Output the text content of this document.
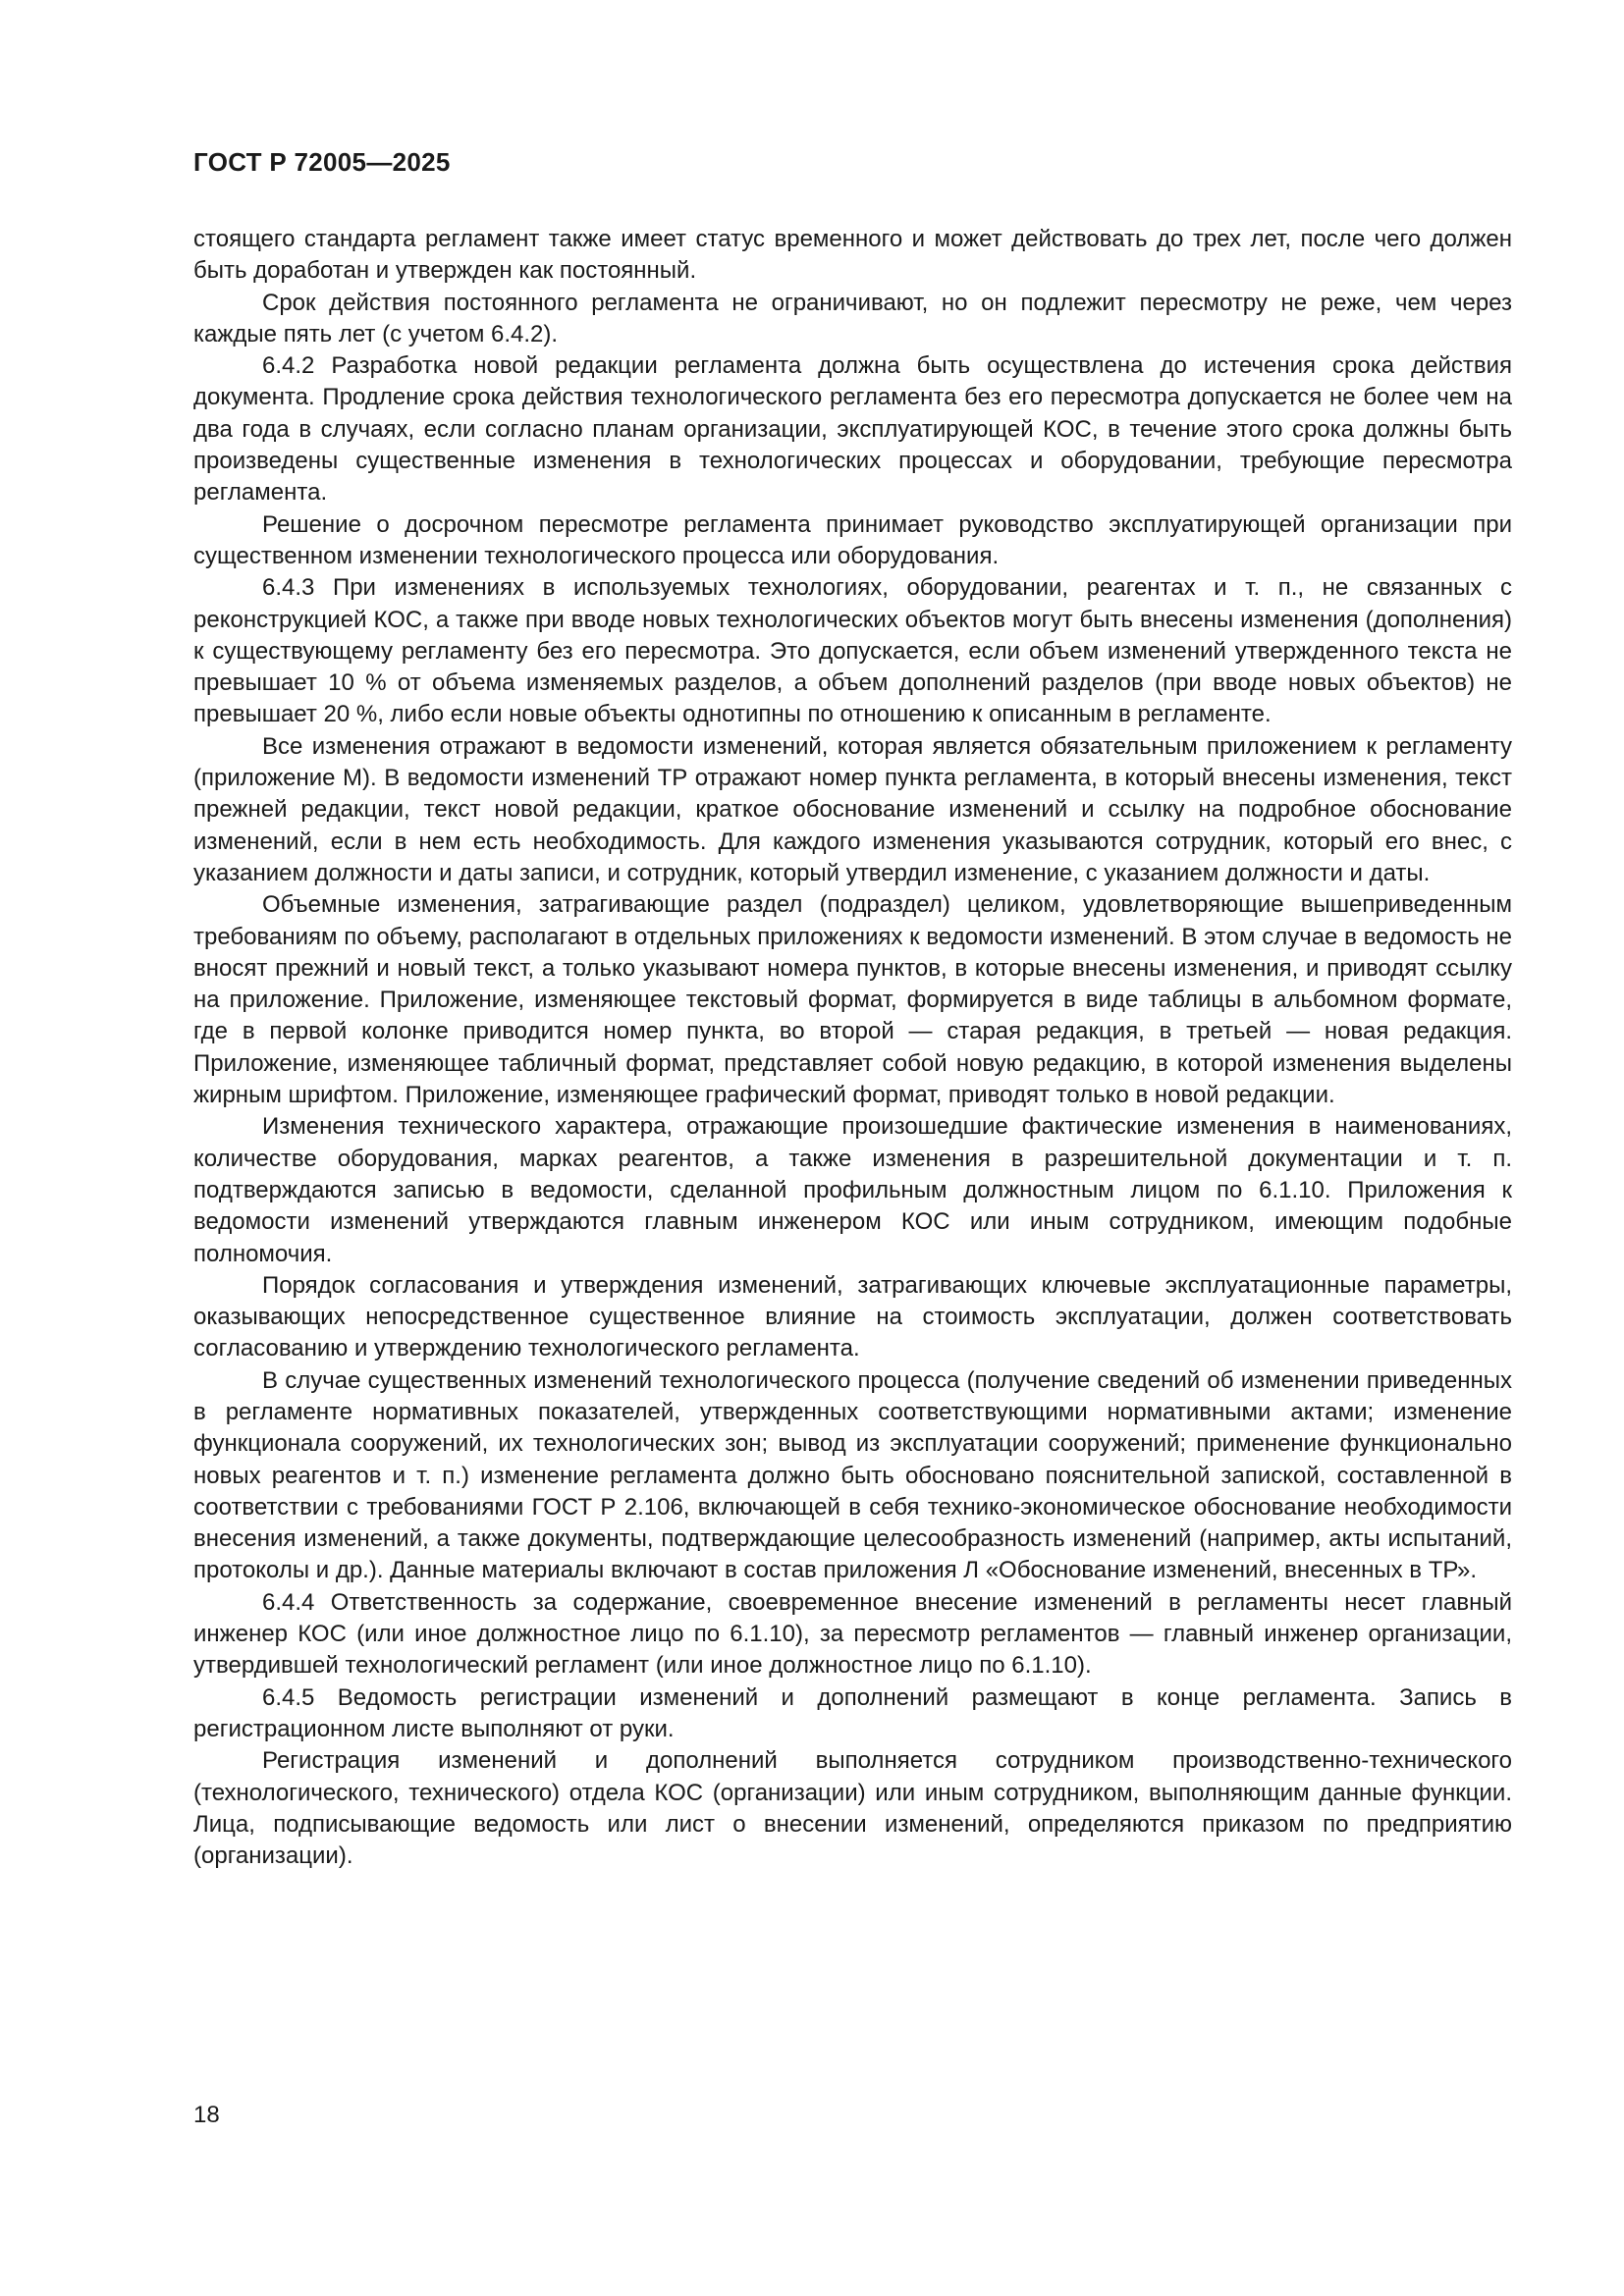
ГОСТ Р 72005—2025

стоящего стандарта регламент также имеет статус временного и может действовать до трех лет, после чего должен быть доработан и утвержден как постоянный.

Срок действия постоянного регламента не ограничивают, но он подлежит пересмотру не реже, чем через каждые пять лет (с учетом 6.4.2).

6.4.2 Разработка новой редакции регламента должна быть осуществлена до истечения срока действия документа. Продление срока действия технологического регламента без его пересмотра допускается не более чем на два года в случаях, если согласно планам организации, эксплуатирующей КОС, в течение этого срока должны быть произведены существенные изменения в технологических процессах и оборудовании, требующие пересмотра регламента.

Решение о досрочном пересмотре регламента принимает руководство эксплуатирующей организации при существенном изменении технологического процесса или оборудования.

6.4.3 При изменениях в используемых технологиях, оборудовании, реагентах и т. п., не связанных с реконструкцией КОС, а также при вводе новых технологических объектов могут быть внесены изменения (дополнения) к существующему регламенту без его пересмотра. Это допускается, если объем изменений утвержденного текста не превышает 10 % от объема изменяемых разделов, а объем дополнений разделов (при вводе новых объектов) не превышает 20 %, либо если новые объекты однотипны по отношению к описанным в регламенте.

Все изменения отражают в ведомости изменений, которая является обязательным приложением к регламенту (приложение М). В ведомости изменений ТР отражают номер пункта регламента, в который внесены изменения, текст прежней редакции, текст новой редакции, краткое обоснование изменений и ссылку на подробное обоснование изменений, если в нем есть необходимость. Для каждого изменения указываются сотрудник, который его внес, с указанием должности и даты записи, и сотрудник, который утвердил изменение, с указанием должности и даты.

Объемные изменения, затрагивающие раздел (подраздел) целиком, удовлетворяющие вышеприведенным требованиям по объему, располагают в отдельных приложениях к ведомости изменений. В этом случае в ведомость не вносят прежний и новый текст, а только указывают номера пунктов, в которые внесены изменения, и приводят ссылку на приложение. Приложение, изменяющее текстовый формат, формируется в виде таблицы в альбомном формате, где в первой колонке приводится номер пункта, во второй — старая редакция, в третьей — новая редакция. Приложение, изменяющее табличный формат, представляет собой новую редакцию, в которой изменения выделены жирным шрифтом. Приложение, изменяющее графический формат, приводят только в новой редакции.

Изменения технического характера, отражающие произошедшие фактические изменения в наименованиях, количестве оборудования, марках реагентов, а также изменения в разрешительной документации и т. п. подтверждаются записью в ведомости, сделанной профильным должностным лицом по 6.1.10. Приложения к ведомости изменений утверждаются главным инженером КОС или иным сотрудником, имеющим подобные полномочия.

Порядок согласования и утверждения изменений, затрагивающих ключевые эксплуатационные параметры, оказывающих непосредственное существенное влияние на стоимость эксплуатации, должен соответствовать согласованию и утверждению технологического регламента.

В случае существенных изменений технологического процесса (получение сведений об изменении приведенных в регламенте нормативных показателей, утвержденных соответствующими нормативными актами; изменение функционала сооружений, их технологических зон; вывод из эксплуатации сооружений; применение функционально новых реагентов и т. п.) изменение регламента должно быть обосновано пояснительной запиской, составленной в соответствии с требованиями ГОСТ Р 2.106, включающей в себя технико-экономическое обоснование необходимости внесения изменений, а также документы, подтверждающие целесообразность изменений (например, акты испытаний, протоколы и др.). Данные материалы включают в состав приложения Л «Обоснование изменений, внесенных в ТР».

6.4.4 Ответственность за содержание, своевременное внесение изменений в регламенты несет главный инженер КОС (или иное должностное лицо по 6.1.10), за пересмотр регламентов — главный инженер организации, утвердившей технологический регламент (или иное должностное лицо по 6.1.10).

6.4.5 Ведомость регистрации изменений и дополнений размещают в конце регламента. Запись в регистрационном листе выполняют от руки.

Регистрация изменений и дополнений выполняется сотрудником производственно-технического (технологического, технического) отдела КОС (организации) или иным сотрудником, выполняющим данные функции. Лица, подписывающие ведомость или лист о внесении изменений, определяются приказом по предприятию (организации).

18
